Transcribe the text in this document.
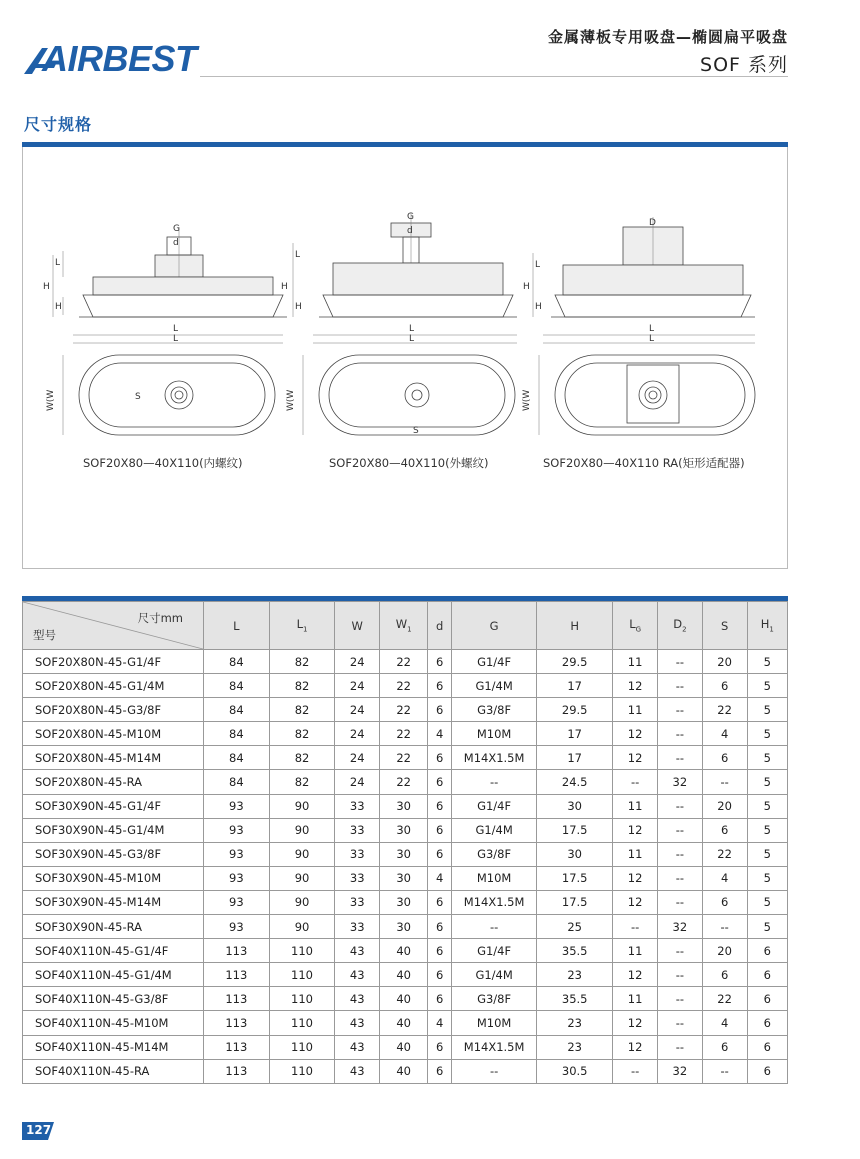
AIRBEST
金属薄板专用吸盘—椭圆扁平吸盘
SOF 系列
尺寸规格
G
d
H
L
H
L
L
W(W	S
G
d
H
L
H
L
L
W(W
S
D
H
L
H
L
L
W(W
SOF20X80—40X110(内螺纹)	SOF20X80—40X110(外螺纹)	SOF20X80—40X110 RA(矩形适配器)
尺寸mm
型号	L	$L_1$	W	$W_1$	d	G	H	$L_G$	$D_2$	S	$H_1$
SOF20X80N-45-G1/4F	84	82	24	22	6	G1/4F	29.5	11	--	20	5
SOF20X80N-45-G1/4M	84	82	24	22	6	G1/4M	17	12	--	6	5
SOF20X80N-45-G3/8F	84	82	24	22	6	G3/8F	29.5	11	--	22	5
SOF20X80N-45-M10M	84	82	24	22	4	M10M	17	12	--	4	5
SOF20X80N-45-M14M	84	82	24	22	6	M14X1.5M	17	12	--	6	5
SOF20X80N-45-RA	84	82	24	22	6	--	24.5	--	32	--	5
SOF30X90N-45-G1/4F	93	90	33	30	6	G1/4F	30	11	--	20	5
SOF30X90N-45-G1/4M	93	90	33	30	6	G1/4M	17.5	12	--	6	5
SOF30X90N-45-G3/8F	93	90	33	30	6	G3/8F	30	11	--	22	5
SOF30X90N-45-M10M	93	90	33	30	4	M10M	17.5	12	--	4	5
SOF30X90N-45-M14M	93	90	33	30	6	M14X1.5M	17.5	12	--	6	5
SOF30X90N-45-RA	93	90	33	30	6	--	25	--	32	--	5
SOF40X110N-45-G1/4F	113	110	43	40	6	G1/4F	35.5	11	--	20	6
SOF40X110N-45-G1/4M	113	110	43	40	6	G1/4M	23	12	--	6	6
SOF40X110N-45-G3/8F	113	110	43	40	6	G3/8F	35.5	11	--	22	6
SOF40X110N-45-M10M	113	110	43	40	4	M10M	23	12	--	4	6
SOF40X110N-45-M14M	113	110	43	40	6	M14X1.5M	23	12	--	6	6
SOF40X110N-45-RA	113	110	43	40	6	--	30.5	--	32	--	6
127
